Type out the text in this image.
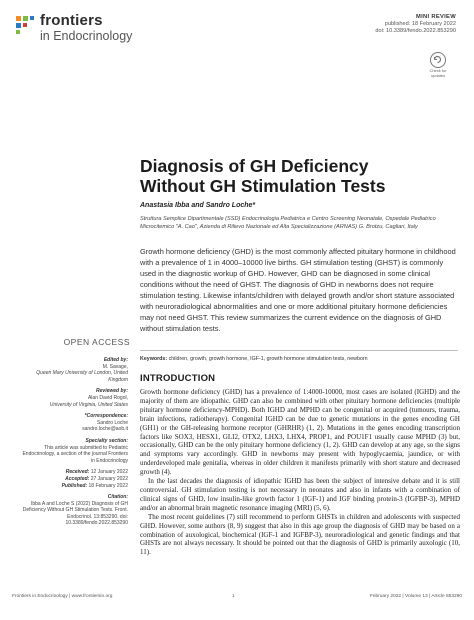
frontiers
in Endocrinology
MINI REVIEW
published: 18 February 2022
doi: 10.3389/fendo.2022.853290
Check for updates
Diagnosis of GH Deficiency
Without GH Stimulation Tests
Anastasia Ibba and Sandro Loche*
Struttura Semplice Dipartimentale (SSD) Endocrinologia Pediatrica e Centro Screening Neonatale, Ospedale Pediatrico Microcitemico "A. Cao", Azienda di Rilievo Nazionale ed Alta Specializzazione (ARNAS) G. Brotzu, Cagliari, Italy
Growth hormone deficiency (GHD) is the most commonly affected pituitary hormone in childhood with a prevalence of 1 in 4000–10000 live births. GH stimulation testing (GHST) is commonly used in the diagnostic workup of GHD. However, GHD can be diagnosed in some clinical conditions without the need of GHST. The diagnosis of GHD in newborns does not require stimulation testing. Likewise infants/children with delayed growth and/or short stature associated with neuroradiological abnormalities and one or more additional pituitary hormone deficiencies may not need GHST. This review summarizes the current evidence on the diagnosis of GHD without stimulation tests.
Keywords: children, growth, growth hormone, IGF-1, growth hormone stimulation tests, newborn
OPEN ACCESS
Edited by:
M. Savage,
Queen Mary University of London, United Kingdom
Reviewed by:
Alan David Rogol,
University of Virginia, United States
*Correspondence:
Sandro Loche
sandro.loche@aob.it
Specialty section:
This article was submitted to Pediatric Endocrinology, a section of the journal Frontiers in Endocrinology
Received: 12 January 2022
Accepted: 27 January 2022
Published: 18 February 2022
Citation:
Ibba A and Loche S (2022) Diagnosis of GH Deficiency Without GH Stimulation Tests. Front. Endocrinol. 13:853290. doi: 10.3389/fendo.2022.853290
INTRODUCTION

Growth hormone deficiency (GHD) has a prevalence of 1:4000-10000, most cases are isolated (IGHD) and the majority of them are idiopathic. GHD can also be combined with other pituitary hormone deficiencies (multiple pituitary hormone deficiency-MPHD). Both IGHD and MPHD can be congenital or acquired (tumours, trauma, brain infections, radiotherapy). Congenital IGHD can be due to genetic mutations in the genes encoding GH (GH1) or the GH-releasing hormone receptor (GHRHR) (1, 2). Mutations in the genes encoding transcription factors like SOX3, HESX1, GLI2, OTX2, LHX3, LHX4, PROP1, and POU1F1 usually cause MPHD (3) but, occasionally, GHD can be the only pituitary hormone deficiency (1, 2). GHD can develop at any age, so the signs and symptoms vary accordingly. GHD in newborns may present with hypoglycaemia, jaundice, or with underdeveloped male genitalia, whereas in older children it manifests primarily with short stature and decreased growth (4).

In the last decades the diagnosis of idiopathic IGHD has been the subject of intensive debate and it is still controversial. GH stimulation testing is not necessary in neonates and also in infants with a combination of clinical signs of GHD, low insulin-like growth factor 1 (IGF-1) and IGF binding protein-3 (IGFBP-3), MPHD and/or an abnormal brain magnetic resonance imaging (MRI) (5, 6).

The most recent guidelines (7) still recommend to perform GHSTs in children and adolescents with suspected GHD. However, some authors (8, 9) suggest that also in this age group the diagnosis of GHD may be based on a combination of auxological, biochemical (IGF-1 and IGFBP-3), neuroradiological and genetic findings and that GHSTs are not always necessary. It should be pointed out that the diagnosis of GHD is primarily auxologic (10, 11).

Frontiers in Endocrinology | www.frontiersin.org	1	February 2022 | Volume 13 | Article 853290
